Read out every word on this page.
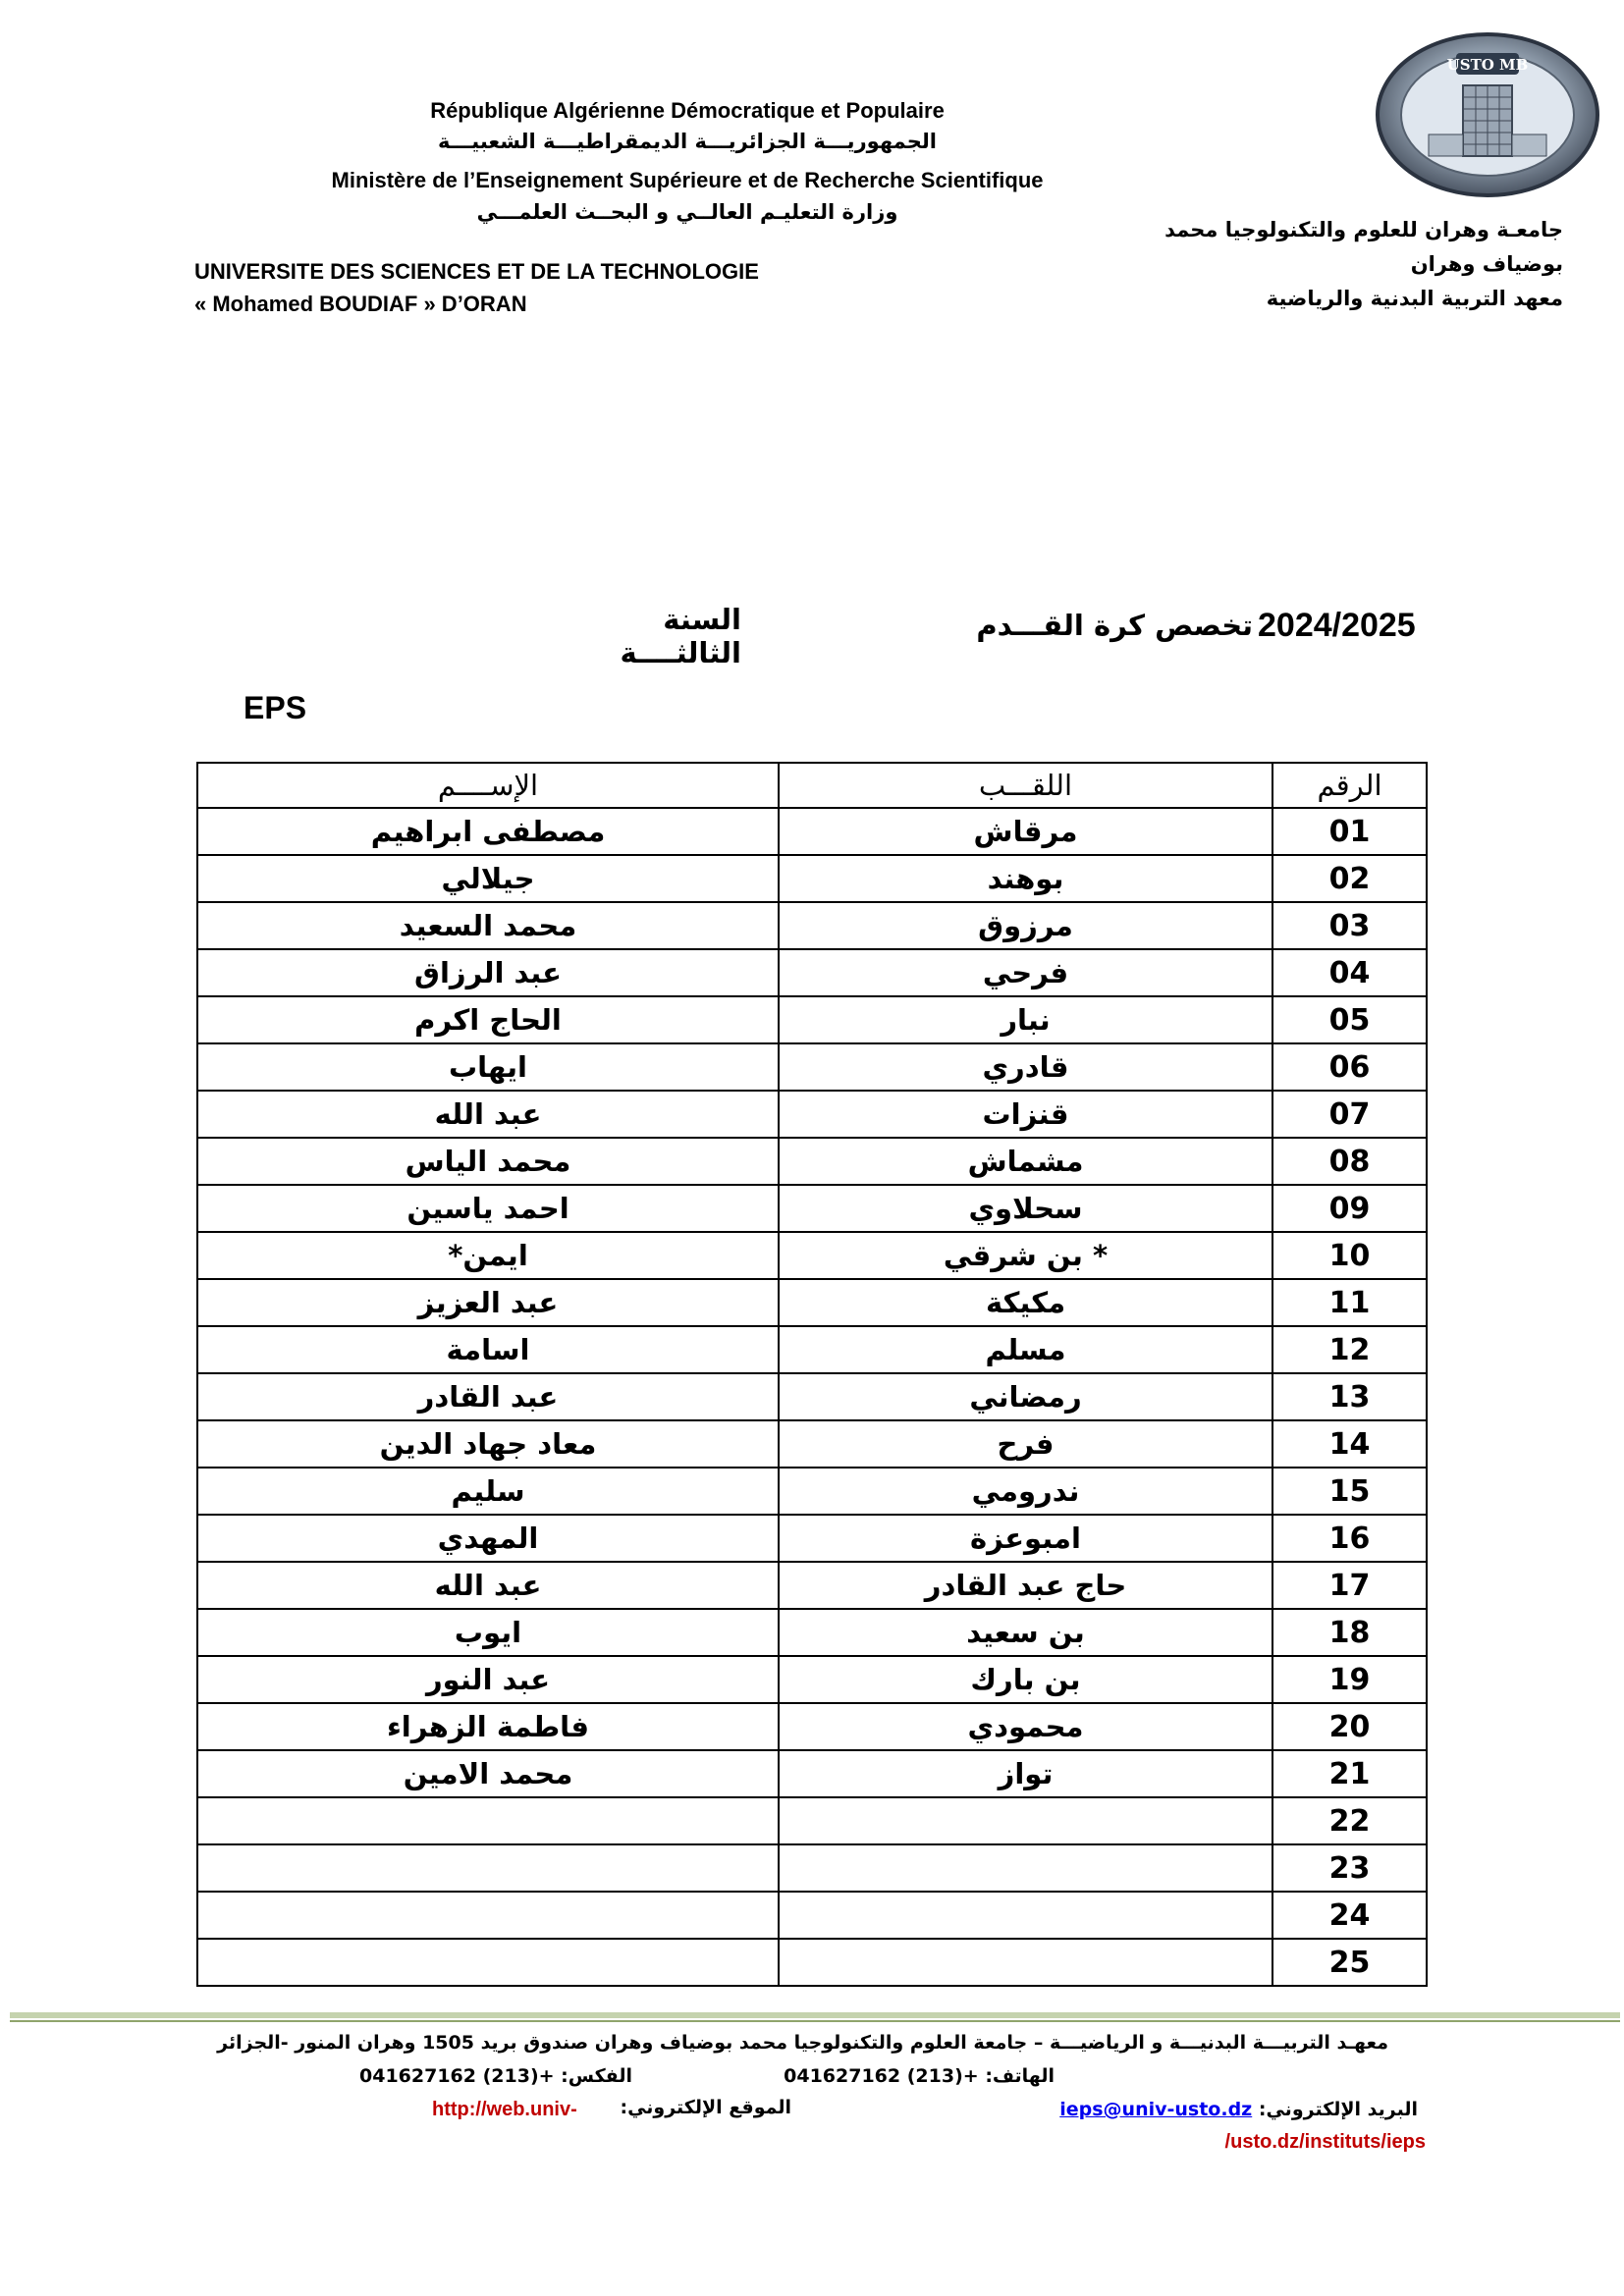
USTO MB
République Algérienne Démocratique et Populaire
الجمهوريـــة الجزائريـــة الديمقراطيـــة الشعبيـــة
Ministère de l’Enseignement Supérieure et de Recherche Scientifique
وزارة التعليـم العالــي و البحــث العلمـــي
UNIVERSITE DES SCIENCES ET DE LA TECHNOLOGIE
« Mohamed BOUDIAF » D’ORAN
جامعـة وهران للعلوم والتكنولوجيا محمد
بوضياف وهران
معهد التربية البدنية والرياضية
2024/2025
تخصص كرة القـــدم
السنة الثالثــــة
EPS
الإســــم	اللقـــب	الرقم
مصطفى ابراهيم	مرقاش	01
جيلالي	بوهند	02
محمد السعيد	مرزوق	03
عبد الرزاق	فرحي	04
الحاج اكرم	نبار	05
ايهاب	قادري	06
عبد الله	قنزات	07
محمد الياس	مشماش	08
احمد ياسين	سحلاوي	09
ايمن*	* بن شرقي	10
عبد العزيز	مكيكة	11
اسامة	مسلم	12
عبد القادر	رمضاني	13
معاد جهاد الدين	فرح	14
سليم	ندرومي	15
المهدي	امبوعزة	16
عبد الله	حاج عبد القادر	17
ايوب	بن سعيد	18
عبد النور	بن بارك	19
فاطمة الزهراء	محمودي	20
محمد الامين	تواز	21
		22
		23
		24
		25
معهـد التربيـــة البدنيـــة و الرياضيـــة – جامعة العلوم والتكنولوجيا محمد بوضياف وهران صندوق بريد 1505 وهران المنور -الجزائر
الهاتف: 041627162 (213)+
الفكس: 041627162 (213)+
البريد الإلكتروني: ieps@univ-usto.dz
الموقع الإلكتروني:
http://web.univ-
/usto.dz/instituts/ieps
